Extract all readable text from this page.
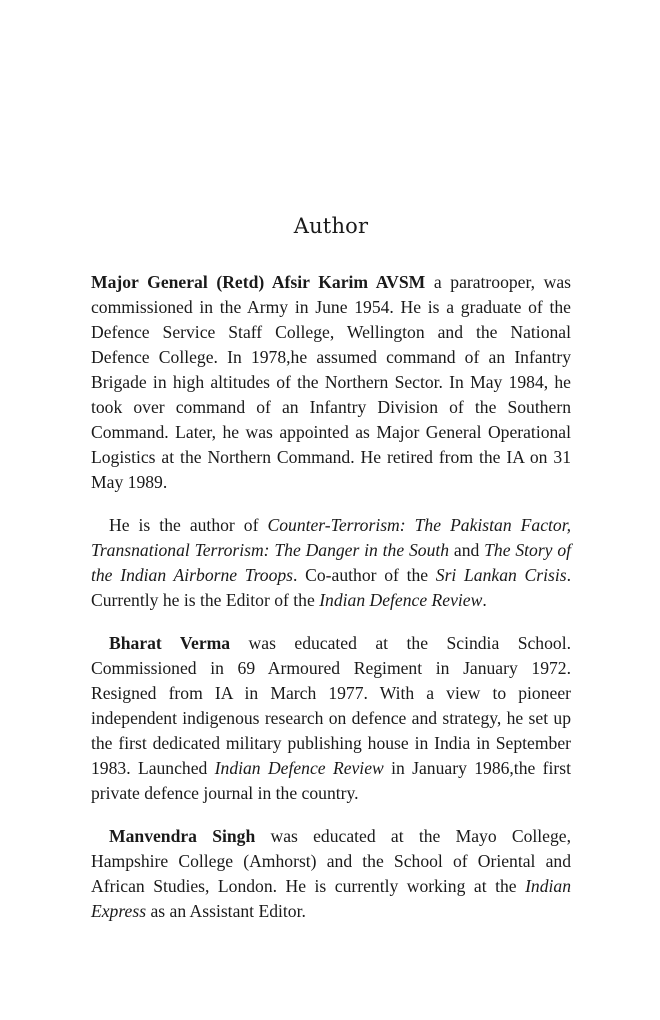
Author

Major General (Retd) Afsir Karim AVSM a paratrooper, was commissioned in the Army in June 1954. He is a graduate of the Defence Service Staff College, Wellington and the National Defence College. In 1978,he assumed command of an Infantry Brigade in high altitudes of the Northern Sector. In May 1984, he took over command of an Infantry Division of the Southern Command. Later, he was appointed as Major General Operational Logistics at the Northern Command. He retired from the IA on 31 May 1989.

He is the author of Counter-Terrorism: The Pakistan Factor, Transnational Terrorism: The Danger in the South and The Story of the Indian Airborne Troops. Co-author of the Sri Lankan Crisis. Currently he is the Editor of the Indian Defence Review.

Bharat Verma was educated at the Scindia School. Commissioned in 69 Armoured Regiment in January 1972. Resigned from IA in March 1977. With a view to pioneer independent indigenous research on defence and strategy, he set up the first dedicated military publishing house in India in September 1983. Launched Indian Defence Review in January 1986,the first private defence journal in the country.

Manvendra Singh was educated at the Mayo College, Hampshire College (Amhorst) and the School of Oriental and African Studies, London. He is currently working at the Indian Express as an Assistant Editor.
